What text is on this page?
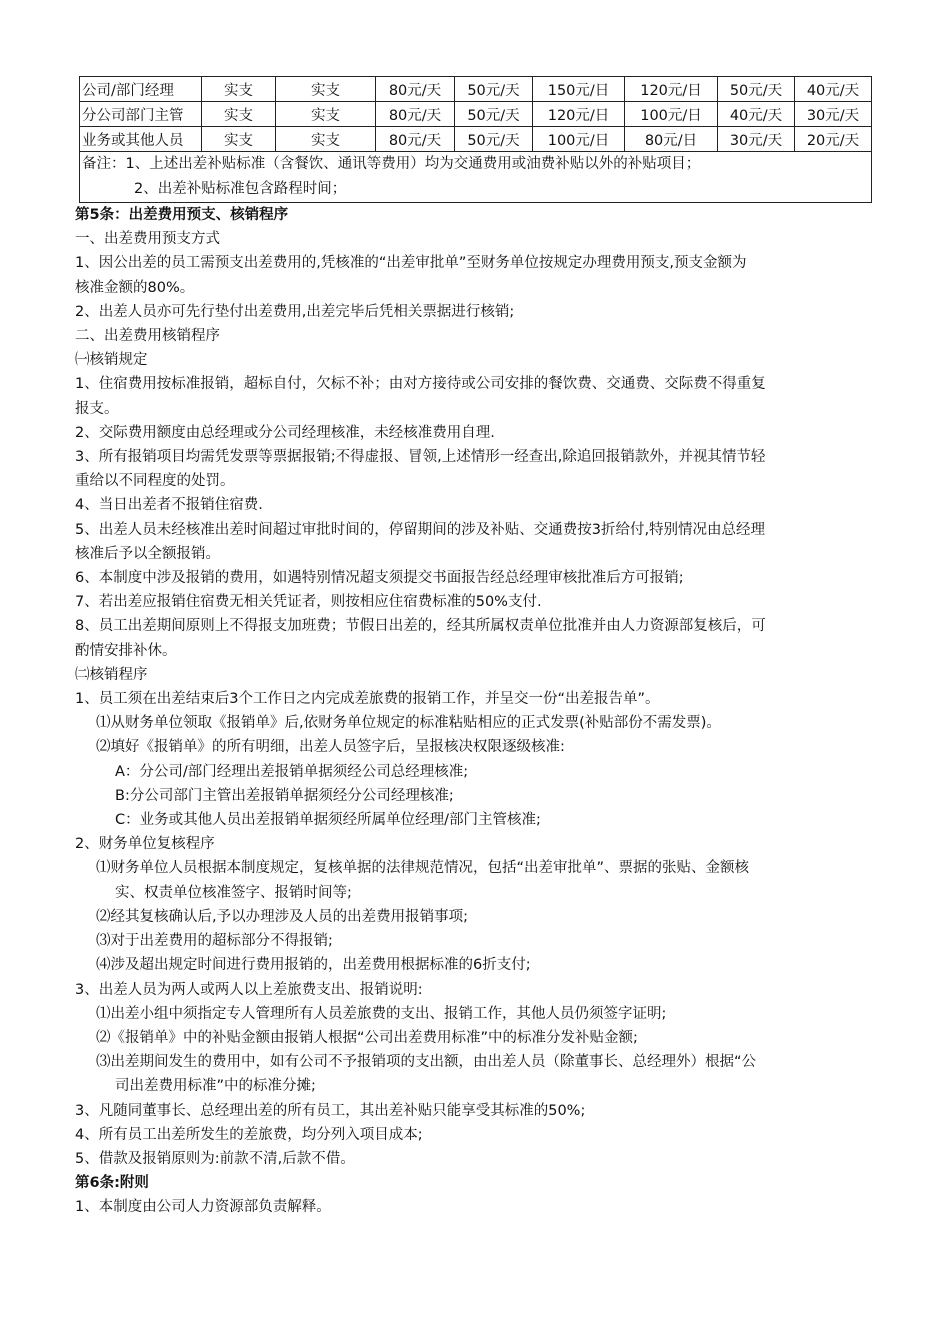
公司/部门经理	实支	实支	80元/天	50元/天	150元/日	120元/日	50元/天	40元/天
分公司部门主管	实支	实支	80元/天	50元/天	120元/日	100元/日	40元/天	30元/天
业务或其他人员	实支	实支	80元/天	50元/天	100元/日	80元/日	30元/天	20元/天

备注：1、上述出差补贴标准（含餐饮、通讯等费用）均为交通费用或油费补贴以外的补贴项目；
2、出差补贴标准包含路程时间；								
第5条：出差费用预支、核销程序
一、出差费用预支方式
1、因公出差的员工需预支出差费用的,凭核准的“出差审批单”至财务单位按规定办理费用预支,预支金额为
核准金额的80%。
2、出差人员亦可先行垫付出差费用,出差完毕后凭相关票据进行核销;
二、出差费用核销程序
㈠核销规定
1、住宿费用按标准报销，超标自付，欠标不补；由对方接待或公司安排的餐饮费、交通费、交际费不得重复
报支。
2、交际费用额度由总经理或分公司经理核准，未经核准费用自理.
3、所有报销项目均需凭发票等票据报销;不得虚报、冒领,上述情形一经查出,除追回报销款外，并视其情节轻
重给以不同程度的处罚。
4、当日出差者不报销住宿费.
5、出差人员未经核准出差时间超过审批时间的，停留期间的涉及补贴、交通费按3折给付,特别情况由总经理
核准后予以全额报销。
6、本制度中涉及报销的费用，如遇特别情况超支须提交书面报告经总经理审核批准后方可报销;
7、若出差应报销住宿费无相关凭证者，则按相应住宿费标准的50%支付.
8、员工出差期间原则上不得报支加班费；节假日出差的，经其所属权责单位批准并由人力资源部复核后，可
酌情安排补休。
㈡核销程序
1、员工须在出差结束后3个工作日之内完成差旅费的报销工作，并呈交一份“出差报告单”。
⑴从财务单位领取《报销单》后,依财务单位规定的标准粘贴相应的正式发票(补贴部份不需发票)。
⑵填好《报销单》的所有明细，出差人员签字后，呈报核决权限逐级核准:
A：分公司/部门经理出差报销单据须经公司总经理核准;
B:分公司部门主管出差报销单据须经分公司经理核准;
C：业务或其他人员出差报销单据须经所属单位经理/部门主管核准;
2、财务单位复核程序
⑴财务单位人员根据本制度规定，复核单据的法律规范情况，包括“出差审批单”、票据的张贴、金额核
实、权责单位核准签字、报销时间等;
⑵经其复核确认后,予以办理涉及人员的出差费用报销事项;
⑶对于出差费用的超标部分不得报销;
⑷涉及超出规定时间进行费用报销的，出差费用根据标准的6折支付;
3、出差人员为两人或两人以上差旅费支出、报销说明:
⑴出差小组中须指定专人管理所有人员差旅费的支出、报销工作，其他人员仍须签字证明;
⑵《报销单》中的补贴金额由报销人根据“公司出差费用标准”中的标准分发补贴金额;
⑶出差期间发生的费用中，如有公司不予报销项的支出额，由出差人员（除董事长、总经理外）根据“公
司出差费用标准”中的标准分摊;
3、凡随同董事长、总经理出差的所有员工，其出差补贴只能享受其标准的50%;
4、所有员工出差所发生的差旅费，均分列入项目成本;
5、借款及报销原则为:前款不清,后款不借。
第6条:附则
1、本制度由公司人力资源部负责解释。
